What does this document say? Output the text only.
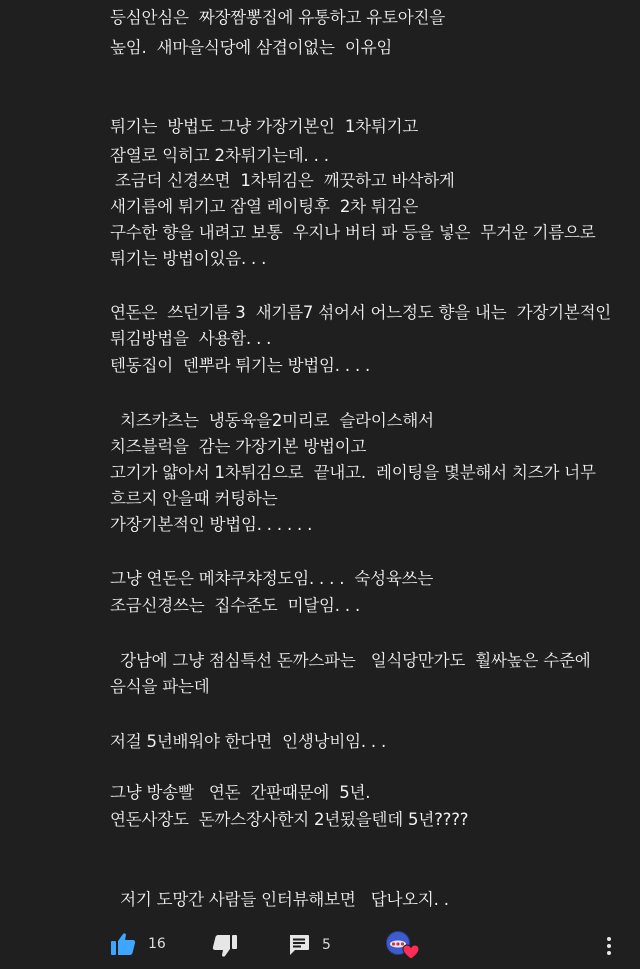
등심안심은  짜장짬뽕집에 유통하고 유토아진을
높임.  새마을식당에 삼겹이없는  이유임
튀기는  방법도 그냥 가장기본인  1차튀기고
잠열로 익히고 2차튀기는데. . .
조금더 신경쓰면  1차튀김은  깨끗하고 바삭하게
새기름에 튀기고 잠열 레이팅후  2차 튀김은
구수한 향을 내려고 보통  우지나 버터 파 등을 넣은  무거운 기름으로
튀기는 방법이있음. . .
연돈은  쓰던기름 3  새기름7 섞어서 어느정도 향을 내는  가장기본적인
튀김방법을  사용함. . .
텐동집이  덴뿌라 튀기는 방법임. . . .
치즈카츠는  냉동육을2미리로  슬라이스해서
치즈블럭을  감는 가장기본 방법이고
고기가 얇아서 1차튀김으로  끝내고.  레이팅을 몇분해서 치즈가 너무
흐르지 안을때 커팅하는
가장기본적인 방법임. . . . . .
그냥 연돈은 메챠쿠챠정도임. . . .  숙성육쓰는
조금신경쓰는  집수준도  미달임. . .
강남에 그냥 점심특선 돈까스파는   일식당만가도  훨싸높은 수준에
음식을 파는데
저걸 5년배워야 한다면  인생낭비임. . .
그냥 방송빨   연돈  간판때문에  5년.
연돈사장도  돈까스장사한지 2년됬을텐데 5년????
저기 도망간 사람들 인터뷰해보면   답나오지. .
16	5
